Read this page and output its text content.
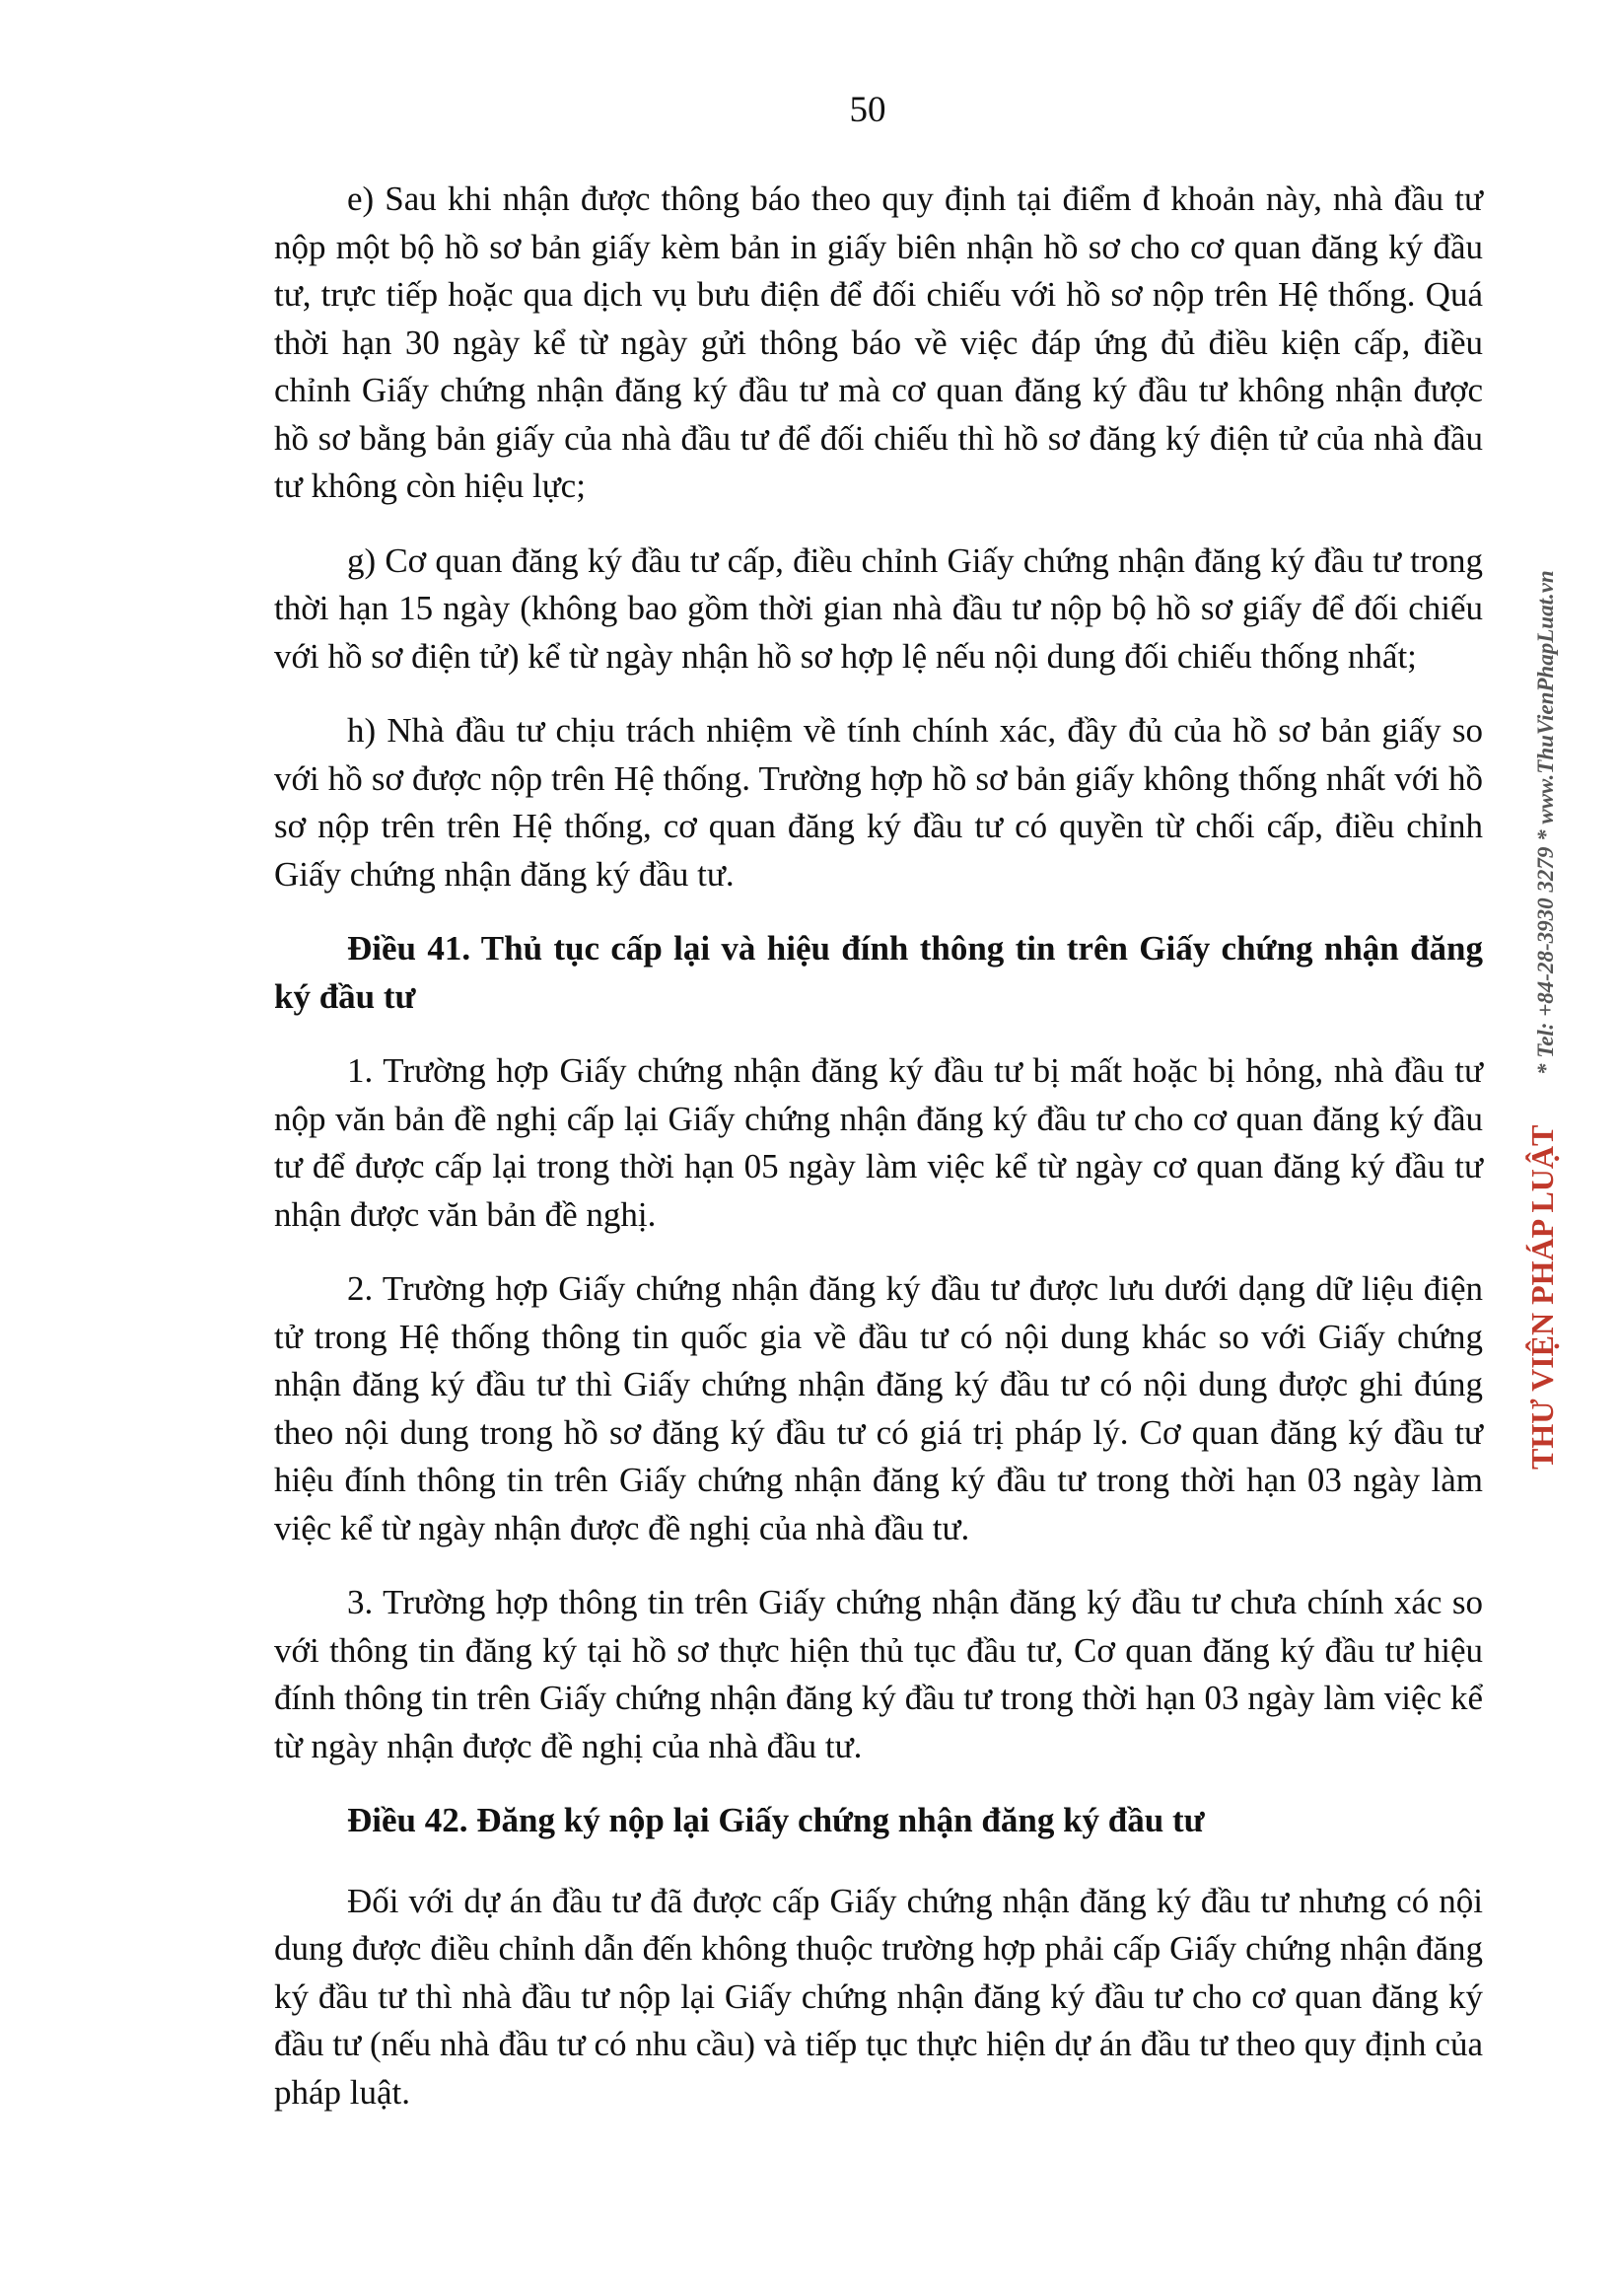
50

e) Sau khi nhận được thông báo theo quy định tại điểm đ khoản này, nhà đầu tư nộp một bộ hồ sơ bản giấy kèm bản in giấy biên nhận hồ sơ cho cơ quan đăng ký đầu tư, trực tiếp hoặc qua dịch vụ bưu điện để đối chiếu với hồ sơ nộp trên Hệ thống. Quá thời hạn 30 ngày kể từ ngày gửi thông báo về việc đáp ứng đủ điều kiện cấp, điều chỉnh Giấy chứng nhận đăng ký đầu tư mà cơ quan đăng ký đầu tư không nhận được hồ sơ bằng bản giấy của nhà đầu tư để đối chiếu thì hồ sơ đăng ký điện tử của nhà đầu tư không còn hiệu lực;

g) Cơ quan đăng ký đầu tư cấp, điều chỉnh Giấy chứng nhận đăng ký đầu tư trong thời hạn 15 ngày (không bao gồm thời gian nhà đầu tư nộp bộ hồ sơ giấy để đối chiếu với hồ sơ điện tử) kể từ ngày nhận hồ sơ hợp lệ nếu nội dung đối chiếu thống nhất;

h) Nhà đầu tư chịu trách nhiệm về tính chính xác, đầy đủ của hồ sơ bản giấy so với hồ sơ được nộp trên Hệ thống. Trường hợp hồ sơ bản giấy không thống nhất với hồ sơ nộp trên trên Hệ thống, cơ quan đăng ký đầu tư có quyền từ chối cấp, điều chỉnh Giấy chứng nhận đăng ký đầu tư.

Điều 41. Thủ tục cấp lại và hiệu đính thông tin trên Giấy chứng nhận đăng ký đầu tư

1. Trường hợp Giấy chứng nhận đăng ký đầu tư bị mất hoặc bị hỏng, nhà đầu tư nộp văn bản đề nghị cấp lại Giấy chứng nhận đăng ký đầu tư cho cơ quan đăng ký đầu tư để được cấp lại trong thời hạn 05 ngày làm việc kể từ ngày cơ quan đăng ký đầu tư nhận được văn bản đề nghị.

2. Trường hợp Giấy chứng nhận đăng ký đầu tư được lưu dưới dạng dữ liệu điện tử trong Hệ thống thông tin quốc gia về đầu tư có nội dung khác so với Giấy chứng nhận đăng ký đầu tư thì Giấy chứng nhận đăng ký đầu tư có nội dung được ghi đúng theo nội dung trong hồ sơ đăng ký đầu tư có giá trị pháp lý. Cơ quan đăng ký đầu tư hiệu đính thông tin trên Giấy chứng nhận đăng ký đầu tư trong thời hạn 03 ngày làm việc kể từ ngày nhận được đề nghị của nhà đầu tư.

3. Trường hợp thông tin trên Giấy chứng nhận đăng ký đầu tư chưa chính xác so với thông tin đăng ký tại hồ sơ thực hiện thủ tục đầu tư, Cơ quan đăng ký đầu tư hiệu đính thông tin trên Giấy chứng nhận đăng ký đầu tư trong thời hạn 03 ngày làm việc kể từ ngày nhận được đề nghị của nhà đầu tư.

Điều 42. Đăng ký nộp lại Giấy chứng nhận đăng ký đầu tư

Đối với dự án đầu tư đã được cấp Giấy chứng nhận đăng ký đầu tư nhưng có nội dung được điều chỉnh dẫn đến không thuộc trường hợp phải cấp Giấy chứng nhận đăng ký đầu tư thì nhà đầu tư nộp lại Giấy chứng nhận đăng ký đầu tư cho cơ quan đăng ký đầu tư (nếu nhà đầu tư có nhu cầu) và tiếp tục thực hiện dự án đầu tư theo quy định của pháp luật.

THƯ VIỆN PHÁP LUẬT
* Tel: +84-28-3930 3279 * www.ThuVienPhapLuat.vn
